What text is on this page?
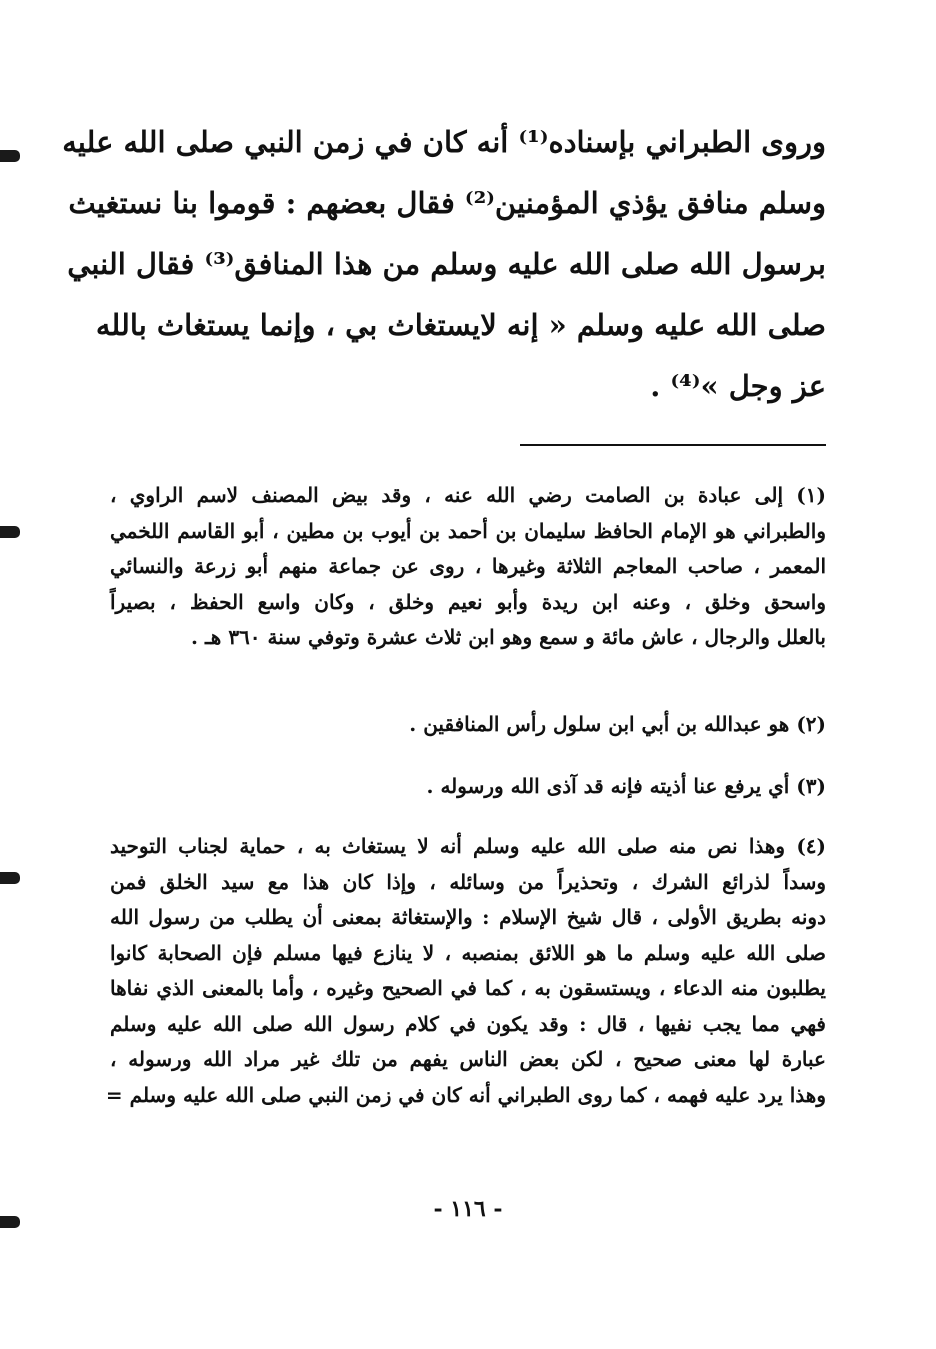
وروى الطبراني بإسناده⁽¹⁾ أنه كان في زمن النبي صلى الله عليه
وسلم منافق يؤذي المؤمنين⁽²⁾ فقال بعضهم : قوموا بنا نستغيث
برسول الله صلى الله عليه وسلم من هذا المنافق⁽³⁾ فقال النبي
صلى الله عليه وسلم « إنه لايستغاث بي ، وإنما يستغاث بالله
عز وجل »⁽⁴⁾ .
(١) إلى عبادة بن الصامت رضي الله عنه ، وقد بيض المصنف لاسم الراوي ،
والطبراني هو الإمام الحافظ سليمان بن أحمد بن أيوب بن مطين ، أبو القاسم اللخمي
المعمر ، صاحب المعاجم الثلاثة وغيرها ، روى عن جماعة منهم أبو زرعة والنسائي
واسحق وخلق ، وعنه ابن ريدة وأبو نعيم وخلق ، وكان واسع الحفظ ، بصيراً
بالعلل والرجال ، عاش مائة و سمع وهو ابن ثلاث عشرة وتوفي سنة ٣٦٠ هـ .
(٢) هو عبدالله بن أبي ابن سلول رأس المنافقين .
(٣) أي يرفع عنا أذيته فإنه قد آذى الله ورسوله .
(٤) وهذا نص منه صلى الله عليه وسلم أنه لا يستغاث به ، حماية لجناب التوحيد
وسداً لذرائع الشرك ، وتحذيراً من وسائله ، وإذا كان هذا مع سيد الخلق فمن
دونه بطريق الأولى ، قال شيخ الإسلام : والإستغاثة بمعنى أن يطلب من رسول الله
صلى الله عليه وسلم ما هو اللائق بمنصبه ، لا ينازع فيها مسلم فإن الصحابة كانوا
يطلبون منه الدعاء ، ويستسقون به ، كما في الصحيح وغيره ، وأما بالمعنى الذي نفاها
فهي مما يجب نفيها ، قال : وقد يكون في كلام رسول الله صلى الله عليه وسلم
عبارة لها معنى صحيح ، لكن بعض الناس يفهم من تلك غير مراد الله ورسوله ،
وهذا يرد عليه فهمه ، كما روى الطبراني أنه كان في زمن النبي صلى الله عليه وسلم =
- ١١٦ -
